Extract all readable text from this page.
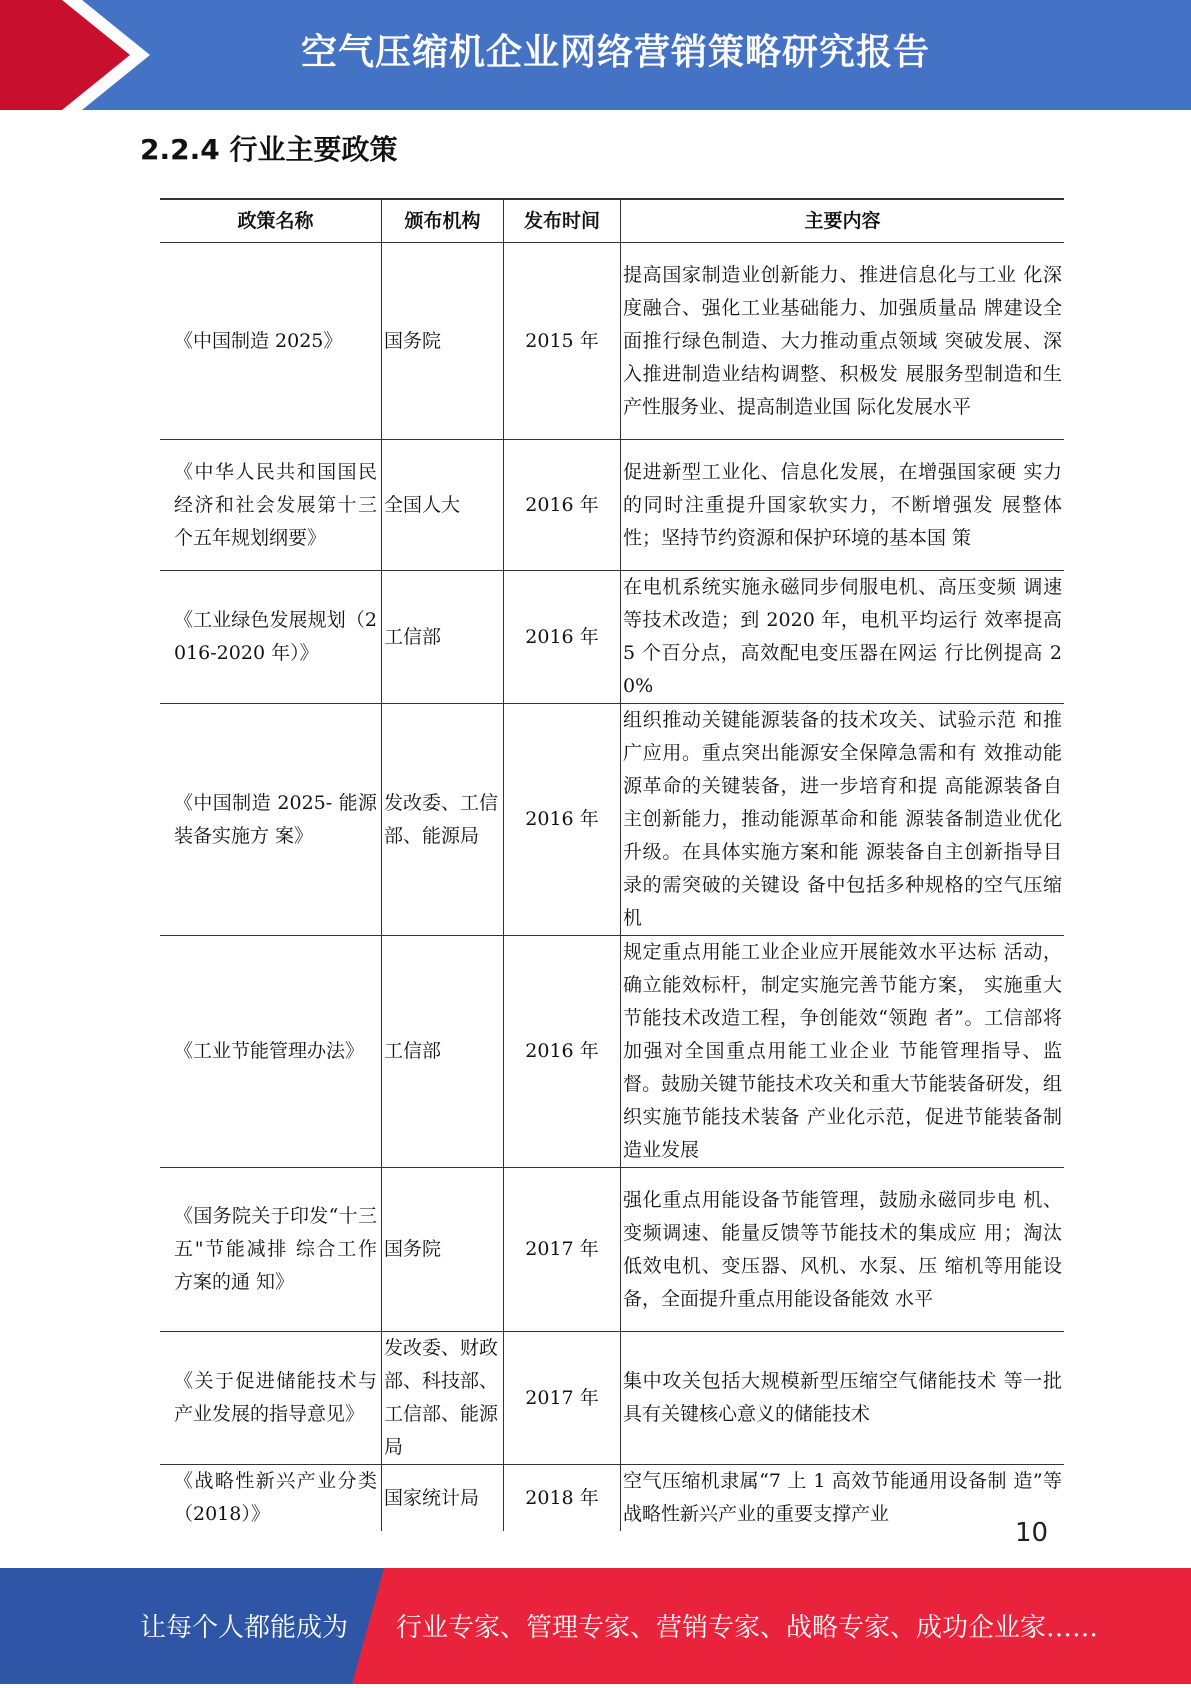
空气压缩机企业网络营销策略研究报告
2.2.4 行业主要政策
政策名称	颁布机构	发布时间	主要内容
《中国制造 2025》	国务院	2015 年	提高国家制造业创新能力、推进信息化与工业 化深度融合、强化工业基础能力、加强质量品 牌建设全面推行绿色制造、大力推动重点领域 突破发展、深入推进制造业结构调整、积极发 展服务型制造和生产性服务业、提高制造业国 际化发展水平
《中华人民共和国国民经济和社会发展第十三个五年规划纲要》	全国人大	2016 年	促进新型工业化、信息化发展，在增强国家硬 实力的同时注重提升国家软实力，不断增强发 展整体性；坚持节约资源和保护环境的基本国 策
《工业绿色发展规划（2016-2020 年）》	工信部	2016 年	在电机系统实施永磁同步伺服电机、高压变频 调速等技术改造；到 2020 年，电机平均运行 效率提高 5 个百分点，高效配电变压器在网运 行比例提高 20%
《中国制造 2025- 能源装备实施方 案》	发改委、工信部、能源局	2016 年	组织推动关键能源装备的技术攻关、试验示范 和推广应用。重点突出能源安全保障急需和有 效推动能源革命的关键装备，进一步培育和提 高能源装备自主创新能力，推动能源革命和能 源装备制造业优化升级。在具体实施方案和能 源装备自主创新指导目录的需突破的关键设 备中包括多种规格的空气压缩机
《工业节能管理办法》	工信部	2016 年	规定重点用能工业企业应开展能效水平达标 活动，确立能效标杆，制定实施完善节能方案， 实施重大节能技术改造工程，争创能效“领跑 者”。工信部将加强对全国重点用能工业企业 节能管理指导、监督。鼓励关键节能技术攻关和重大节能装备研发，组织实施节能技术装备 产业化示范，促进节能装备制造业发展
《国务院关于印发“十三五"节能减排 综合工作方案的通 知》	国务院	2017 年	强化重点用能设备节能管理，鼓励永磁同步电 机、变频调速、能量反馈等节能技术的集成应 用；淘汰低效电机、变压器、风机、水泵、压 缩机等用能设备，全面提升重点用能设备能效 水平
《关于促进储能技术与产业发展的指导意见》	发改委、财政部、科技部、工信部、能源局	2017 年	集中攻关包括大规模新型压缩空气储能技术 等一批具有关键核心意义的储能技术
《战略性新兴产业分类（2018）》	国家统计局	2018 年	空气压缩机隶属“7 上 1 高效节能通用设备制 造”等战略性新兴产业的重要支撑产业
10
让每个人都能成为 行业专家、管理专家、营销专家、战略专家、成功企业家……
